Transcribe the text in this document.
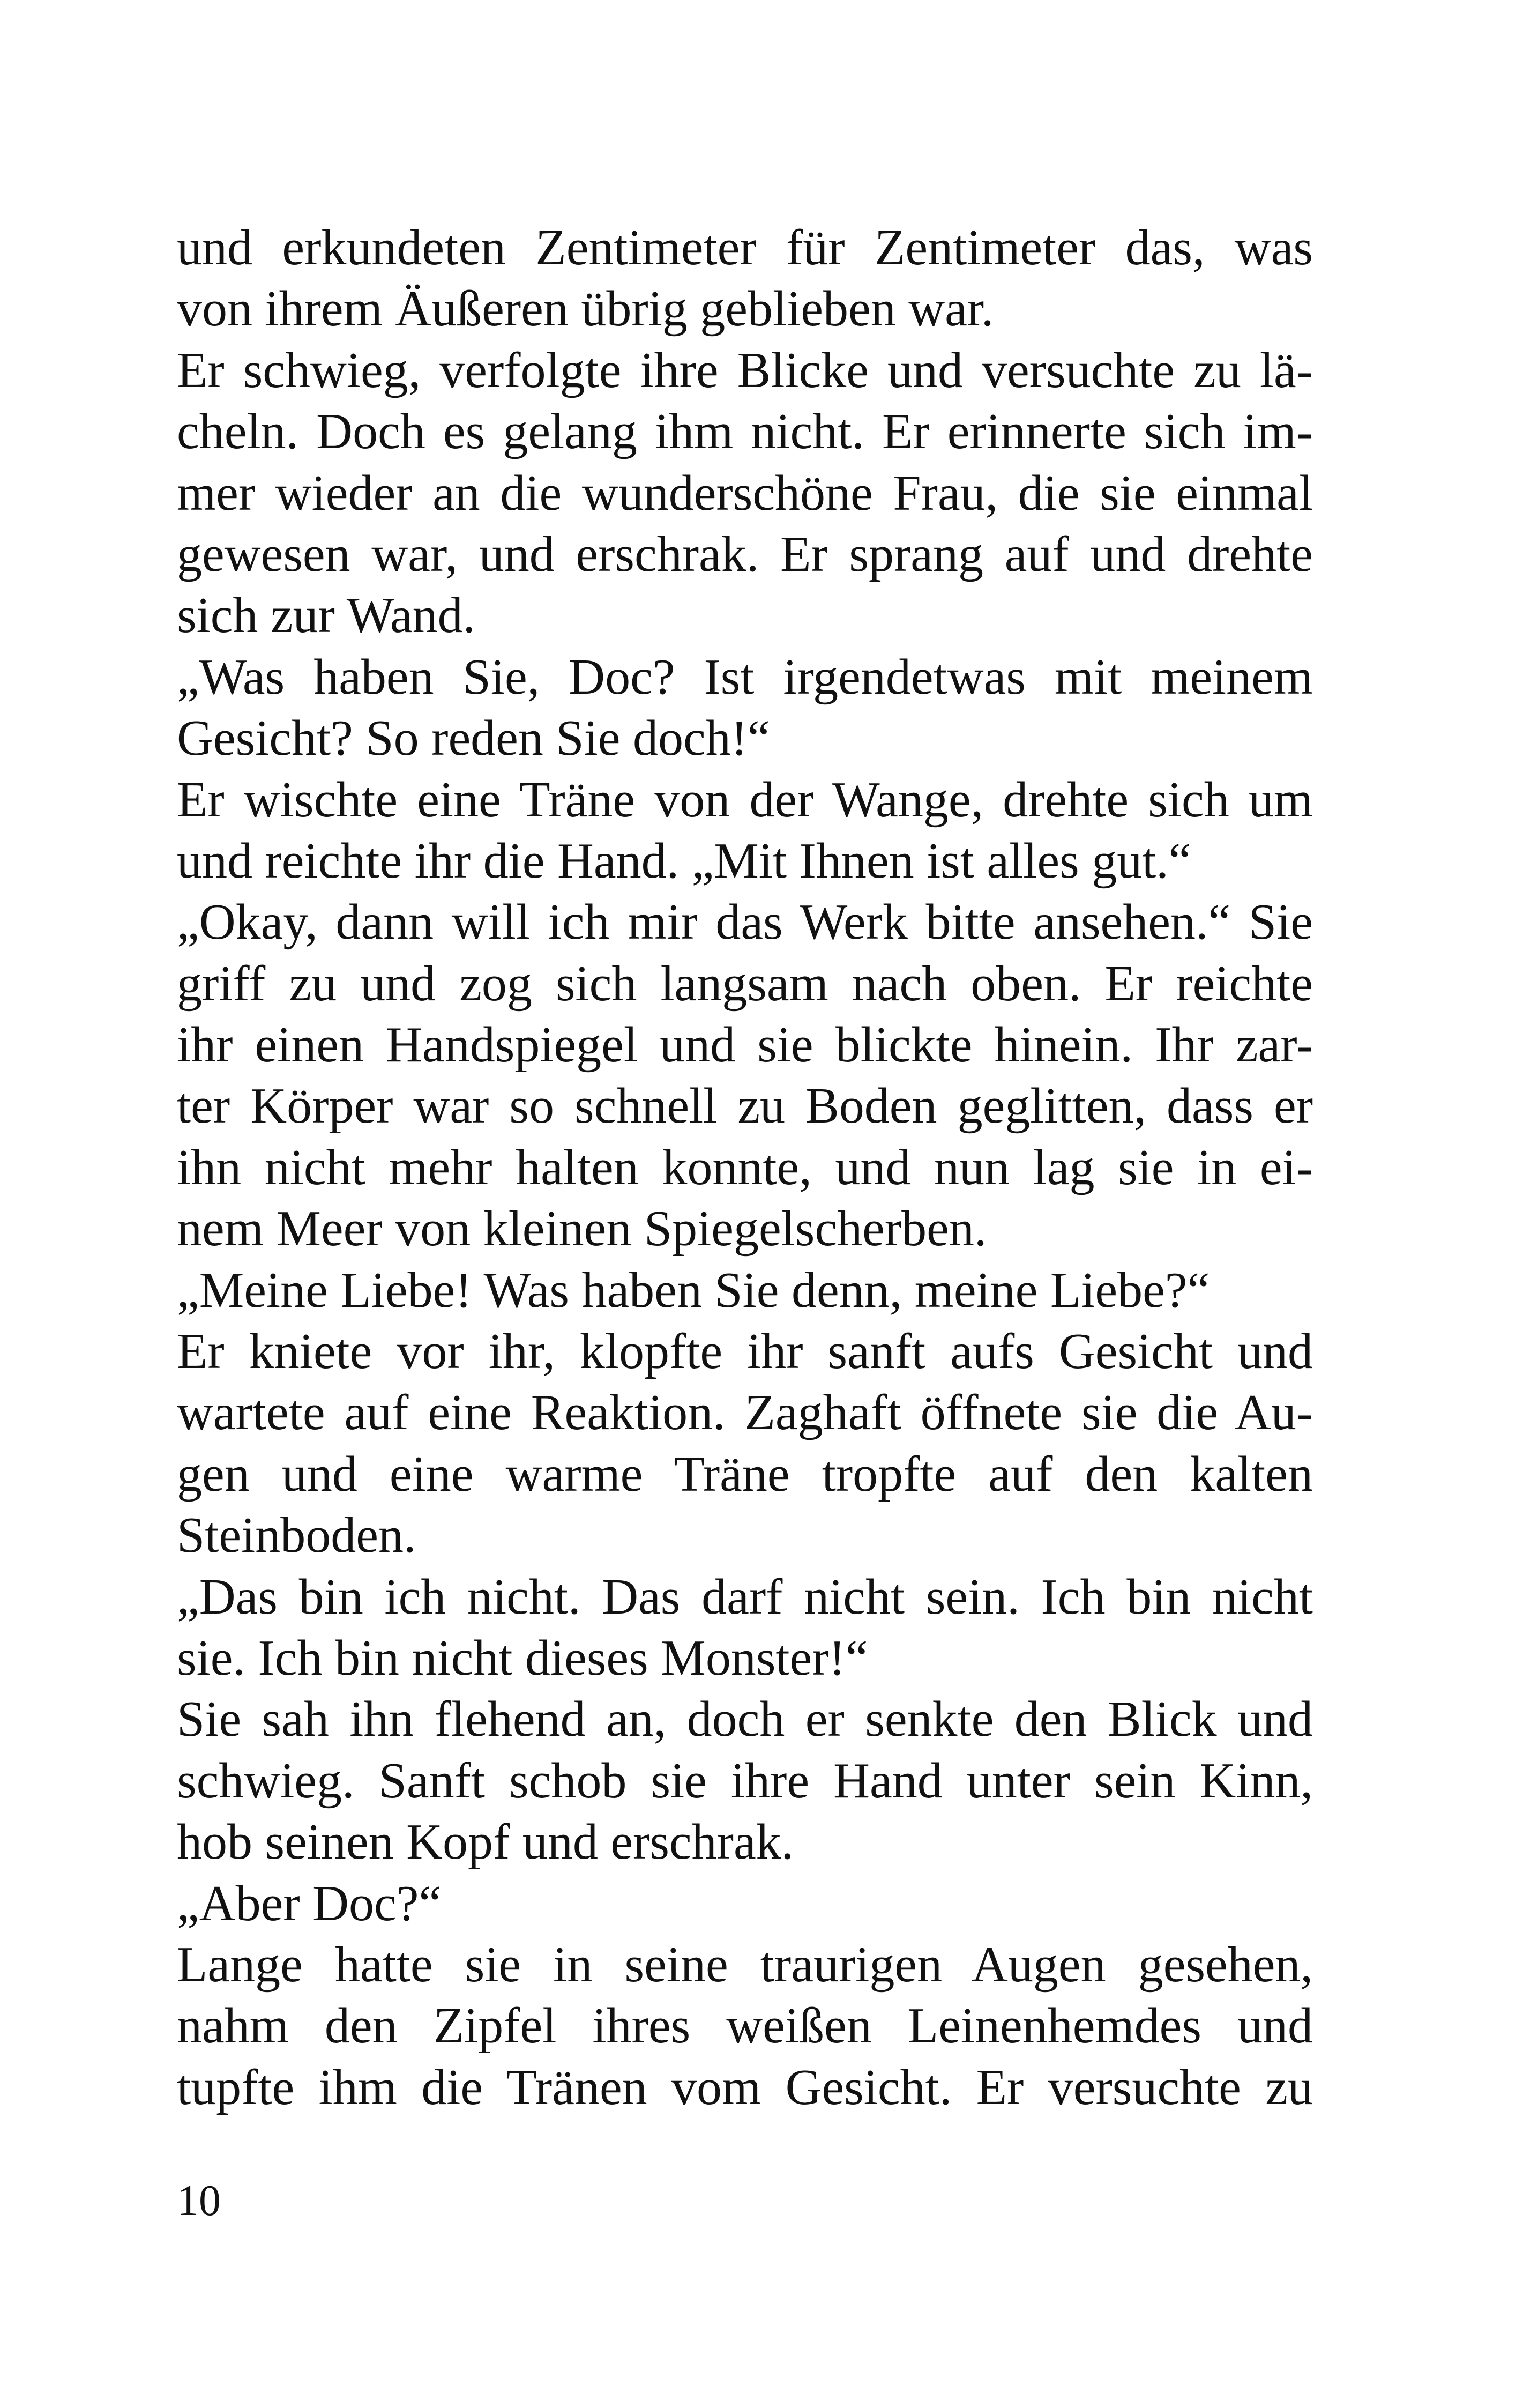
und erkundeten Zentimeter für Zentimeter das, was
von ihrem Äußeren übrig geblieben war.
Er schwieg, verfolgte ihre Blicke und versuchte zu lä-
cheln. Doch es gelang ihm nicht. Er erinnerte sich im-
mer wieder an die wunderschöne Frau, die sie einmal
gewesen war, und erschrak. Er sprang auf und drehte
sich zur Wand.
„Was haben Sie, Doc? Ist irgendetwas mit meinem
Gesicht? So reden Sie doch!“
Er wischte eine Träne von der Wange, drehte sich um
und reichte ihr die Hand. „Mit Ihnen ist alles gut.“
„Okay, dann will ich mir das Werk bitte ansehen.“ Sie
griff zu und zog sich langsam nach oben. Er reichte
ihr einen Handspiegel und sie blickte hinein. Ihr zar-
ter Körper war so schnell zu Boden geglitten, dass er
ihn nicht mehr halten konnte, und nun lag sie in ei-
nem Meer von kleinen Spiegelscherben.
„Meine Liebe! Was haben Sie denn, meine Liebe?“
Er kniete vor ihr, klopfte ihr sanft aufs Gesicht und
wartete auf eine Reaktion. Zaghaft öffnete sie die Au-
gen und eine warme Träne tropfte auf den kalten
Steinboden.
„Das bin ich nicht. Das darf nicht sein. Ich bin nicht
sie. Ich bin nicht dieses Monster!“
Sie sah ihn flehend an, doch er senkte den Blick und
schwieg. Sanft schob sie ihre Hand unter sein Kinn,
hob seinen Kopf und erschrak.
„Aber Doc?“
Lange hatte sie in seine traurigen Augen gesehen,
nahm den Zipfel ihres weißen Leinenhemdes und
tupfte ihm die Tränen vom Gesicht. Er versuchte zu
10
